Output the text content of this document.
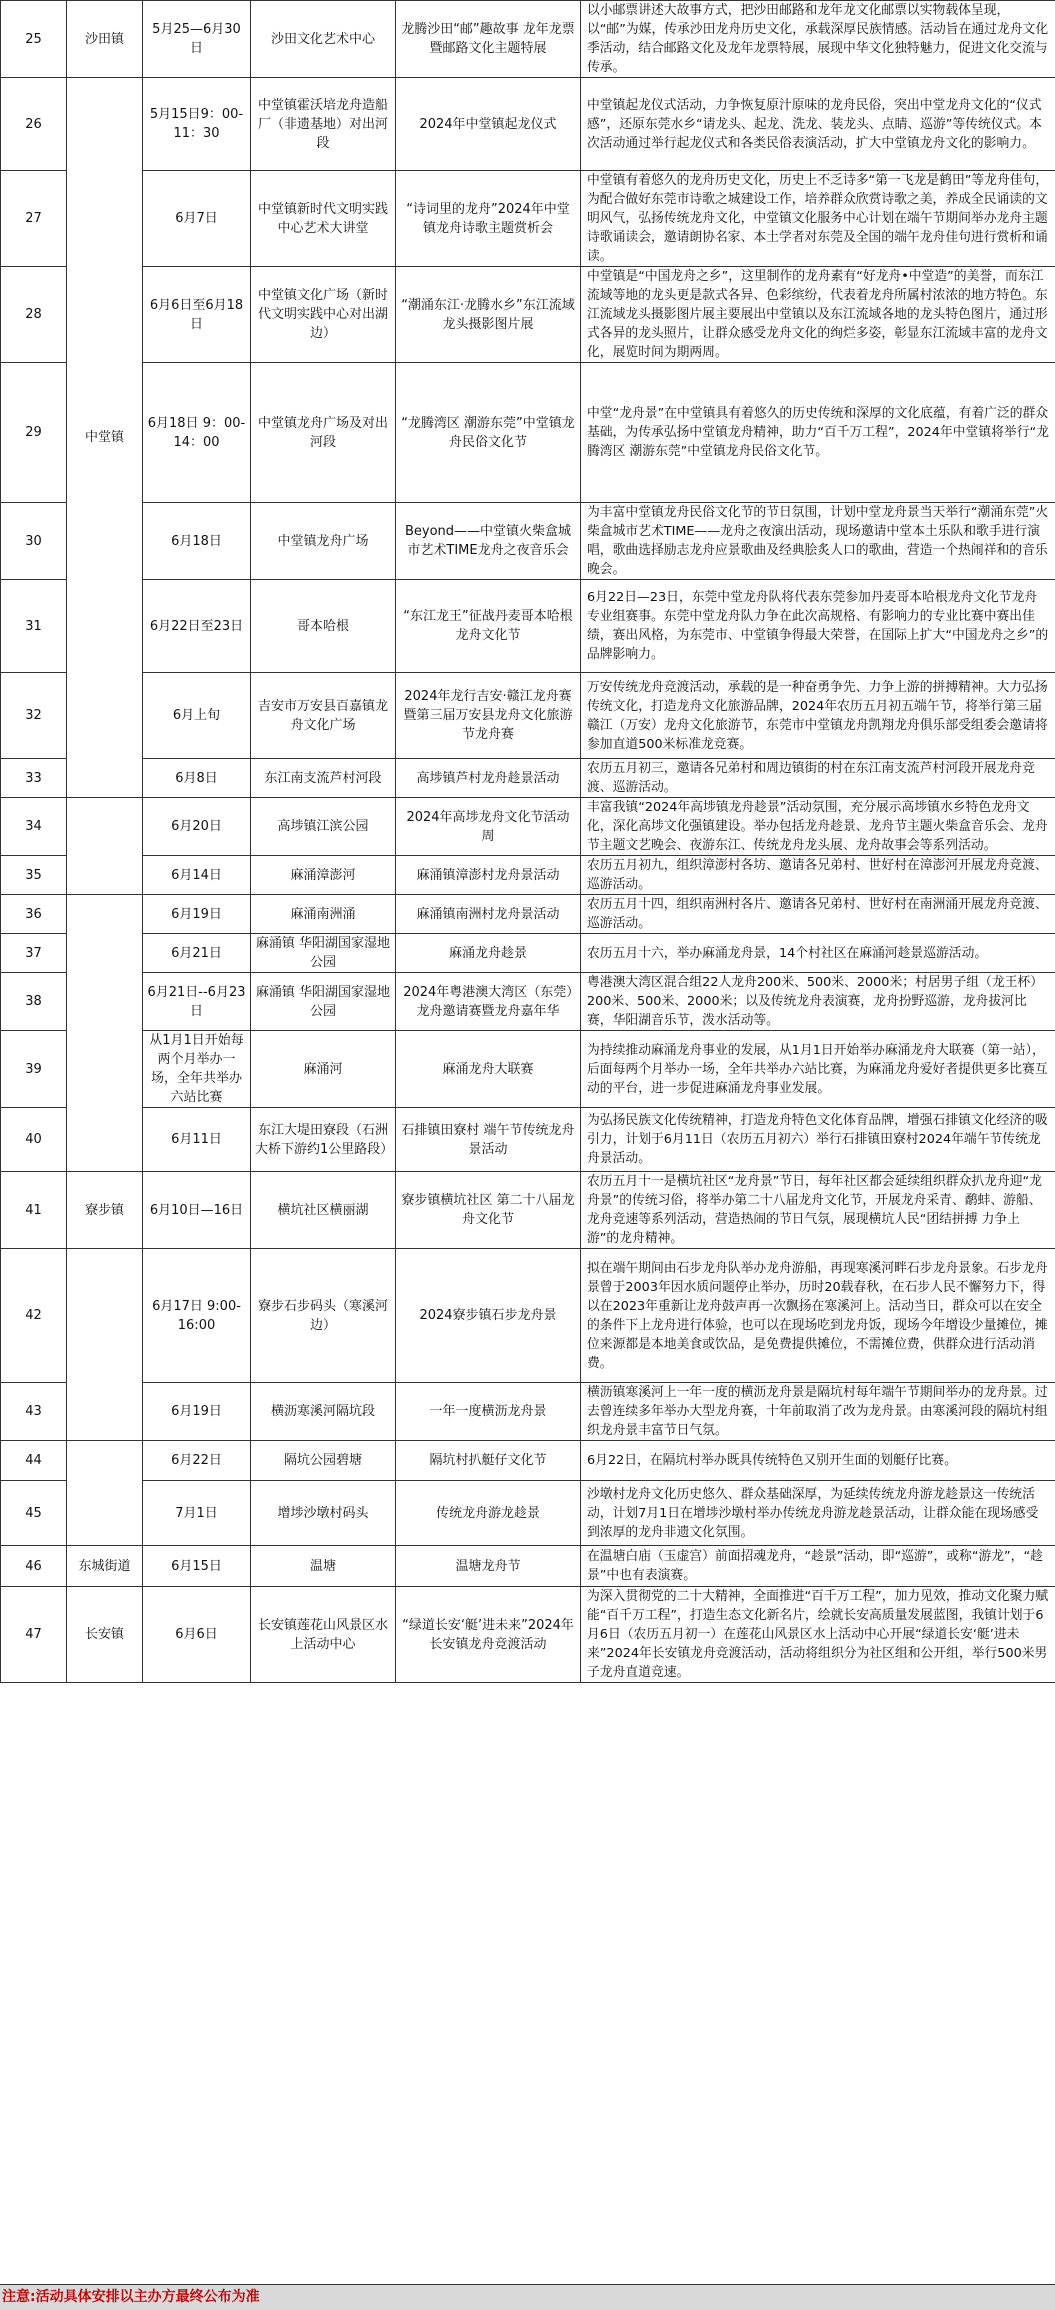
25	沙田镇	5月25—6月30日	沙田文化艺术中心	龙腾沙田“邮”趣故事 龙年龙票暨邮路文化主题特展	以小邮票讲述大故事方式，把沙田邮路和龙年龙文化邮票以实物载体呈现，以“邮”为媒，传承沙田龙舟历史文化，承载深厚民族情感。活动旨在通过龙舟文化季活动，结合邮路文化及龙年龙票特展，展现中华文化独特魅力，促进文化交流与传承。
26	中堂镇	5月15日9：00-11：30	中堂镇霍沃培龙舟造船厂（非遗基地）对出河段	2024年中堂镇起龙仪式	中堂镇起龙仪式活动，力争恢复原汁原味的龙舟民俗，突出中堂龙舟文化的“仪式感”，还原东莞水乡“请龙头、起龙、洗龙、装龙头、点睛、巡游”等传统仪式。本次活动通过举行起龙仪式和各类民俗表演活动，扩大中堂镇龙舟文化的影响力。
27		6月7日	中堂镇新时代文明实践中心艺术大讲堂	“诗词里的龙舟”2024年中堂镇龙舟诗歌主题赏析会	中堂镇有着悠久的龙舟历史文化，历史上不乏诗多“第一飞龙是鹤田”等龙舟佳句，为配合做好东莞市诗歌之城建设工作，培养群众欣赏诗歌之美，养成全民诵读的文明风气，弘扬传统龙舟文化，中堂镇文化服务中心计划在端午节期间举办龙舟主题诗歌诵读会，邀请朗协名家、本土学者对东莞及全国的端午龙舟佳句进行赏析和诵读。
28		6月6日至6月18日	中堂镇文化广场（新时代文明实践中心对出湖边）	“潮涌东江·龙腾水乡”东江流域龙头摄影图片展	中堂镇是“中国龙舟之乡”，这里制作的龙舟素有“好龙舟•中堂造”的美誉，而东江流域等地的龙头更是款式各异、色彩缤纷，代表着龙舟所属村浓浓的地方特色。东江流域龙头摄影图片展主要展出中堂镇以及东江流域各地的龙头特色图片，通过形式各异的龙头照片，让群众感受龙舟文化的绚烂多姿，彰显东江流域丰富的龙舟文化，展览时间为期两周。
29		6月18日 9：00-14：00	中堂镇龙舟广场及对出河段	“龙腾湾区 潮游东莞”中堂镇龙舟民俗文化节	中堂“龙舟景”在中堂镇具有着悠久的历史传统和深厚的文化底蕴，有着广泛的群众基础，为传承弘扬中堂镇龙舟精神，助力“百千万工程”，2024年中堂镇将举行“龙腾湾区 潮游东莞”中堂镇龙舟民俗文化节。
30		6月18日	中堂镇龙舟广场	Beyond——中堂镇火柴盒城市艺术TIME龙舟之夜音乐会	为丰富中堂镇龙舟民俗文化节的节日氛围，计划中堂龙舟景当天举行“潮涌东莞”火柴盒城市艺术TIME——龙舟之夜演出活动，现场邀请中堂本土乐队和歌手进行演唱，歌曲选择励志龙舟应景歌曲及经典脍炙人口的歌曲，营造一个热闹祥和的音乐晚会。
31		6月22日至23日	哥本哈根	“东江龙王”征战丹麦哥本哈根龙舟文化节	6月22日—23日，东莞中堂龙舟队将代表东莞参加丹麦哥本哈根龙舟文化节龙舟专业组赛事。东莞中堂龙舟队力争在此次高规格、有影响力的专业比赛中赛出佳绩，赛出风格，为东莞市、中堂镇争得最大荣誉，在国际上扩大“中国龙舟之乡”的品牌影响力。
32		6月上旬	吉安市万安县百嘉镇龙舟文化广场	2024年龙行吉安·赣江龙舟赛暨第三届万安县龙舟文化旅游节龙舟赛	万安传统龙舟竞渡活动，承载的是一种奋勇争先、力争上游的拼搏精神。大力弘扬传统文化，打造龙舟文化旅游品牌，2024年农历五月初五端午节，将举行第三届赣江（万安）龙舟文化旅游节，东莞市中堂镇龙舟凯翔龙舟俱乐部受组委会邀请将参加直道500米标准龙竞赛。
33		6月8日	东江南支流芦村河段	高埗镇芦村龙舟趁景活动	农历五月初三，邀请各兄弟村和周边镇街的村在东江南支流芦村河段开展龙舟竞渡、巡游活动。
34		6月20日	高埗镇江滨公园	2024年高埗龙舟文化节活动周	丰富我镇“2024年高埗镇龙舟趁景”活动氛围，充分展示高埗镇水乡特色龙舟文化，深化高埗文化强镇建设。举办包括龙舟趁景、龙舟节主题火柴盒音乐会、龙舟节主题文艺晚会、夜游东江、传统龙舟龙头展、龙舟故事会等系列活动。
35		6月14日	麻涌漳澎河	麻涌镇漳澎村龙舟景活动	农历五月初九，组织漳澎村各坊、邀请各兄弟村、世好村在漳澎河开展龙舟竞渡、巡游活动。
36		6月19日	麻涌南洲涌	麻涌镇南洲村龙舟景活动	农历五月十四，组织南洲村各片、邀请各兄弟村、世好村在南洲涌开展龙舟竞渡、巡游活动。
37		6月21日	麻涌镇 华阳湖国家湿地公园	麻涌龙舟趁景	农历五月十六，举办麻涌龙舟景，14个村社区在麻涌河趁景巡游活动。
38		6月21日--6月23日	麻涌镇 华阳湖国家湿地公园	2024年粤港澳大湾区（东莞）龙舟邀请赛暨龙舟嘉年华	粤港澳大湾区混合组22人龙舟200米、500米、2000米；村居男子组（龙王杯）200米、500米、2000米；以及传统龙舟表演赛，龙舟扮野巡游，龙舟拔河比赛，华阳湖音乐节，泼水活动等。
39		从1月1日开始每两个月举办一场，全年共举办六站比赛	麻涌河	麻涌龙舟大联赛	为持续推动麻涌龙舟事业的发展，从1月1日开始举办麻涌龙舟大联赛（第一站），后面每两个月举办一场，全年共举办六站比赛，为麻涌龙舟爱好者提供更多比赛互动的平台，进一步促进麻涌龙舟事业发展。
40		6月11日	东江大堤田寮段（石洲大桥下游约1公里路段）	石排镇田寮村 端午节传统龙舟景活动	为弘扬民族文化传统精神，打造龙舟特色文化体育品牌，增强石排镇文化经济的吸引力，计划于6月11日（农历五月初六）举行石排镇田寮村2024年端午节传统龙舟景活动。
41	寮步镇	6月10日—16日	横坑社区横丽湖	寮步镇横坑社区 第二十八届龙舟文化节	农历五月十一是横坑社区“龙舟景”节日，每年社区都会延续组织群众扒龙舟迎“龙舟景”的传统习俗，将举办第二十八届龙舟文化节，开展龙舟采青、鹬蚌、游船、龙舟竞速等系列活动，营造热闹的节日气氛，展现横坑人民“团结拼搏 力争上游”的龙舟精神。
42		6月17日 9:00-16:00	寮步石步码头（寒溪河边）	2024寮步镇石步龙舟景	拟在端午期间由石步龙舟队举办龙舟游船，再现寒溪河畔石步龙舟景象。石步龙舟景曾于2003年因水质问题停止举办，历时20载春秋，在石步人民不懈努力下，得以在2023年重新让龙舟鼓声再一次飘扬在寒溪河上。活动当日，群众可以在安全的条件下上龙舟进行体验，也可以在现场吃到龙舟饭，现场今年增设少量摊位，摊位来源都是本地美食或饮品，是免费提供摊位，不需摊位费，供群众进行活动消费。
43		6月19日	横沥寒溪河隔坑段	一年一度横沥龙舟景	横沥镇寒溪河上一年一度的横沥龙舟景是隔坑村每年端午节期间举办的龙舟景。过去曾连续多年举办大型龙舟赛，十年前取消了改为龙舟景。由寒溪河段的隔坑村组织龙舟景丰富节日气氛。
44		6月22日	隔坑公园碧塘	隔坑村扒艇仔文化节	6月22日，在隔坑村举办既具传统特色又别开生面的划艇仔比赛。
45		7月1日	增埗沙墩村码头	传统龙舟游龙趁景	沙墩村龙舟文化历史悠久、群众基础深厚，为延续传统龙舟游龙趁景这一传统活动，计划7月1日在增埗沙墩村举办传统龙舟游龙趁景活动，让群众能在现场感受到浓厚的龙舟非遗文化氛围。
46	东城街道	6月15日	温塘	温塘龙舟节	在温塘白庙（玉虚宫）前面招魂龙舟，“趁景”活动，即“巡游”，或称“游龙”，“趁景”中也有表演赛。
47	长安镇	6月6日	长安镇莲花山风景区水上活动中心	“绿道长安‘艇’进未来”2024年长安镇龙舟竞渡活动	为深入贯彻党的二十大精神，全面推进“百千万工程”，加力见效，推动文化聚力赋能“百千万工程”，打造生态文化新名片，绘就长安高质量发展蓝图，我镇计划于6月6日（农历五月初一）在莲花山风景区水上活动中心开展“绿道长安‘艇’进未来”2024年长安镇龙舟竞渡活动，活动将组织分为社区组和公开组，举行500米男子龙舟直道竞速。
注意:活动具体安排以主办方最终公布为准
